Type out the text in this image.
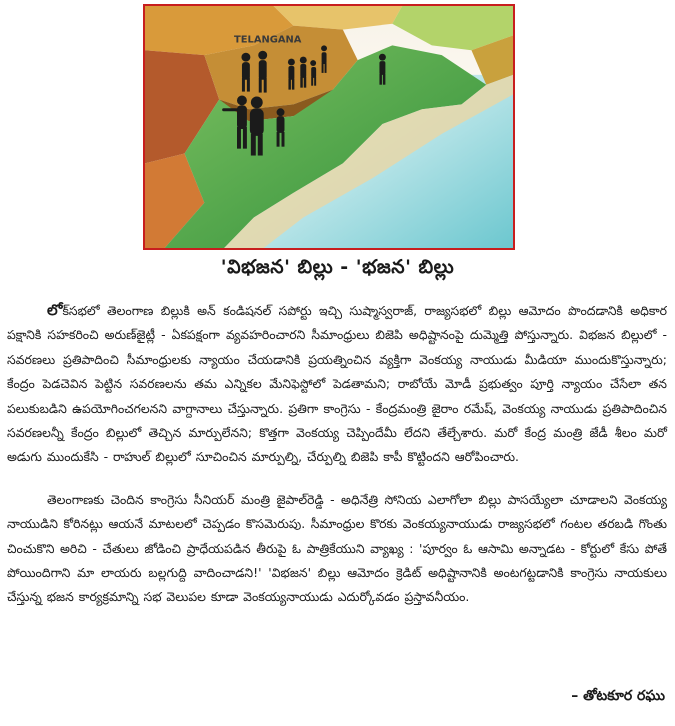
TELANGANA
'విభజన' బిల్లు - 'భజన' బిల్లు

లోక్‌సభలో తెలంగాణ బిల్లుకి అన్ కండిషనల్ సపోర్టు ఇచ్చి సుష్మాస్వరాజ్, రాజ్యసభలో బిల్లు ఆమోదం పొందడానికి అధికార పక్షానికి సహకరించి అరుణ్‌జైట్లీ - ఏకపక్షంగా వ్యవహరించారని సీమాంధ్రులు బిజెపి అధిష్టానంపై దుమ్మెత్తి పోస్తున్నారు. విభజన బిల్లులో - సవరణలు ప్రతిపాదించి సీమాంధ్రులకు న్యాయం చేయడానికి ప్రయత్నించిన వ్యక్తిగా వెంకయ్య నాయుడు మీడియా ముందుకొస్తున్నారు; కేంద్రం పెడచెవిన పెట్టిన సవరణలను తమ ఎన్నికల మేనిఫెస్టోలో పెడతామని; రాబోయే మోడీ ప్రభుత్వం పూర్తి న్యాయం చేసేలా తన పలుకుబడిని ఉపయోగించగలనని వాగ్దానాలు చేస్తున్నారు. ప్రతిగా కాంగ్రెసు - కేంద్రమంత్రి జైరాం రమేష్, వెంకయ్య నాయుడు ప్రతిపాదించిన సవరణలన్నీ కేంద్రం బిల్లులో తెచ్చిన మార్పులేనని; కొత్తగా వెంకయ్య చెప్పిందేమీ లేదని తేల్చేశారు. మరో కేంద్ర మంత్రి జేడీ శీలం మరో అడుగు ముందుకేసి - రాహుల్ బిల్లులో సూచించిన మార్పుల్ని, చేర్పుల్ని బిజెపి కాపీ కొట్టిందని ఆరోపించారు.

తెలంగాణకు చెందిన కాంగ్రెసు సీనియర్ మంత్రి జైపాల్‌రెడ్డి - అధినేత్రి సోనియ ఎలాగోలా బిల్లు పాసయ్యేలా చూడాలని వెంకయ్య నాయుడిని కోరినట్లు ఆయనే మాటలలో చెప్పడం కొసమెరుపు. సీమాంధ్రుల కొరకు వెంకయ్యనాయుడు రాజ్యసభలో గంటల తరబడి గొంతు చించుకొని అరిచి - చేతులు జోడించి ప్రాధేయపడిన తీరుపై ఓ పాత్రికేయుని వ్యాఖ్య : 'పూర్వం ఓ ఆసామి అన్నాడట - కోర్టులో కేసు పోతే పోయిందిగాని మా లాయరు బల్లగుద్ది వాదించాడని!' 'విభజన' బిల్లు ఆమోదం క్రెడిట్ అధిష్టానానికి అంటగట్టడానికి కాంగ్రెసు నాయకులు చేస్తున్న భజన కార్యక్రమాన్ని సభ వెలుపల కూడా వెంకయ్యనాయుడు ఎదుర్కోవడం ప్రస్తావనీయం.

– తోటకూర రఘు
